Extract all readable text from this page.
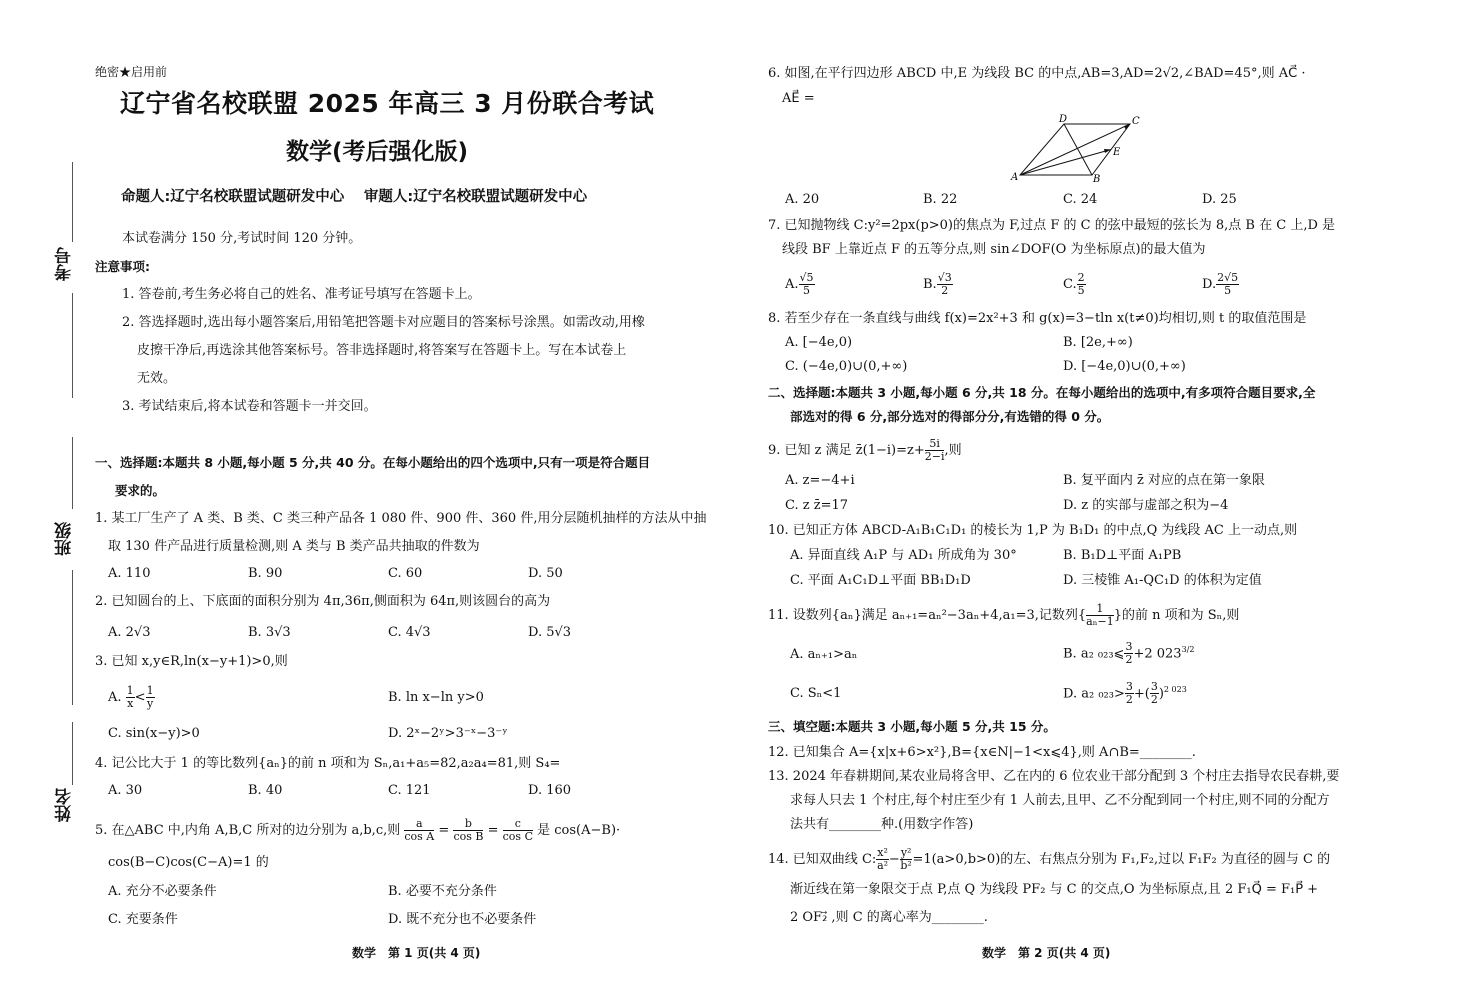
绝密★启用前
辽宁省名校联盟 2025 年高三 3 月份联合考试
数学(考后强化版)
命题人:辽宁名校联盟试题研发中心　 审题人:辽宁名校联盟试题研发中心
考号
班级
姓名
本试卷满分 150 分,考试时间 120 分钟。
注意事项:
1. 答卷前,考生务必将自己的姓名、准考证号填写在答题卡上。
2. 答选择题时,选出每小题答案后,用铅笔把答题卡对应题目的答案标号涂黑。如需改动,用橡
皮擦干净后,再选涂其他答案标号。答非选择题时,将答案写在答题卡上。写在本试卷上
无效。
3. 考试结束后,将本试卷和答题卡一并交回。
一、选择题:本题共 8 小题,每小题 5 分,共 40 分。在每小题给出的四个选项中,只有一项是符合题目
要求的。
1. 某工厂生产了 A 类、B 类、C 类三种产品各 1 080 件、900 件、360 件,用分层随机抽样的方法从中抽
取 130 件产品进行质量检测,则 A 类与 B 类产品共抽取的件数为
A. 110	B. 90	C. 60	D. 50
2. 已知圆台的上、下底面的面积分别为 4π,36π,侧面积为 64π,则该圆台的高为
A. 2√3	B. 3√3	C. 4√3	D. 5√3
3. 已知 x,y∈R,ln(x−y+1)>0,则
A. $\frac{1}{x} < \frac{1}{y}$	B. ln x−ln y>0
C. sin(x−y)>0	D. 2ˣ−2ʸ>3⁻ˣ−3⁻ʸ
4. 记公比大于 1 的等比数列{aₙ}的前 n 项和为 Sₙ,a₁+a₅=82,a₂a₄=81,则 S₄=
A. 30	B. 40	C. 121	D. 160
5. 在△ABC 中,内角 A,B,C 所对的边分别为 a,b,c,则 $\frac{a}{\text{cos A}} = \frac{b}{\text{cos B}} = \frac{c}{\text{cos C}}$ 是 cos(A−B)·
cos(B−C)cos(C−A)=1 的
A. 充分不必要条件	B. 必要不充分条件
C. 充要条件	D. 既不充分也不必要条件
数学　第 1 页(共 4 页)
6. 如图,在平行四边形 ABCD 中,E 为线段 BC 的中点,AB=3,AD=2√2,∠BAD=45°,则 AC⃗ ·
AE⃗ =
A	B
C
D
E
A. 20	B. 22	C. 24	D. 25
7. 已知抛物线 C:y²=2px(p>0)的焦点为 F,过点 F 的 C 的弦中最短的弦长为 8,点 B 在 C 上,D 是
线段 BF 上靠近点 F 的五等分点,则 sin∠DOF(O 为坐标原点)的最大值为
A. $\frac{√5}{5}$	B. $\frac{√3}{2}$	C. $\frac{2}{5}$	D. $\frac{2√5}{5}$
8. 若至少存在一条直线与曲线 f(x)=2x²+3 和 g(x)=3−tln x(t≠0)均相切,则 t 的取值范围是
A. [−4e,0)	B. [2e,+∞)
C. (−4e,0)∪(0,+∞)	D. [−4e,0)∪(0,+∞)
二、选择题:本题共 3 小题,每小题 6 分,共 18 分。在每小题给出的选项中,有多项符合题目要求,全
部选对的得 6 分,部分选对的得部分分,有选错的得 0 分。
9. 已知 z 满足 z̄(1−i)=z+ $\frac{5i}{2-i}$ ,则
A. z=−4+i	B. 复平面内 z̄ 对应的点在第一象限
C. z z̄=17	D. z 的实部与虚部之积为−4
10. 已知正方体 ABCD-A₁B₁C₁D₁ 的棱长为 1,P 为 B₁D₁ 的中点,Q 为线段 AC 上一动点,则
A. 异面直线 A₁P 与 AD₁ 所成角为 30°	B. B₁D⊥平面 A₁PB
C. 平面 A₁C₁D⊥平面 BB₁D₁D	D. 三棱锥 A₁-QC₁D 的体积为定值
11. 设数列{aₙ}满足 aₙ₊₁=aₙ²−3aₙ+4,a₁=3,记数列{ $\frac{1}{\text{aₙ−1}}$ }的前 n 项和为 Sₙ,则
A. aₙ₊₁>aₙ	B. a₂ ₀₂₃⩽ $\frac{3}{2} +2$ $023^{3/2}$
C. Sₙ<1	D. a₂ $_{023}> \frac{3}{2}$ +( $\frac{3}{2} )^{2 023}$
三、填空题:本题共 3 小题,每小题 5 分,共 15 分。
12. 已知集合 A={x|x+6>x²},B={x∈N|−1<x⩽4},则 A∩B=________.
13. 2024 年春耕期间,某农业局将含甲、乙在内的 6 位农业干部分配到 3 个村庄去指导农民春耕,要
求每人只去 1 个村庄,每个村庄至少有 1 人前去,且甲、乙不分配到同一个村庄,则不同的分配方
法共有________种.(用数字作答)
14. 已知双曲线 C: $\frac{\text{x²}}{\text{a²}} - \frac{\text{y²}}{\text{b²}} =1(a>0,b>0)$的左、右焦点分别为 F₁,F₂,过以 F₁F₂ 为直径的圆与 C 的
渐近线在第一象限交于点 P,点 Q 为线段 PF₂ 与 C 的交点,O 为坐标原点,且 2 F₁Q⃗ = F₁P⃗ +
2 OF₂⃗ ,则 C 的离心率为________.
数学　第 2 页(共 4 页)
